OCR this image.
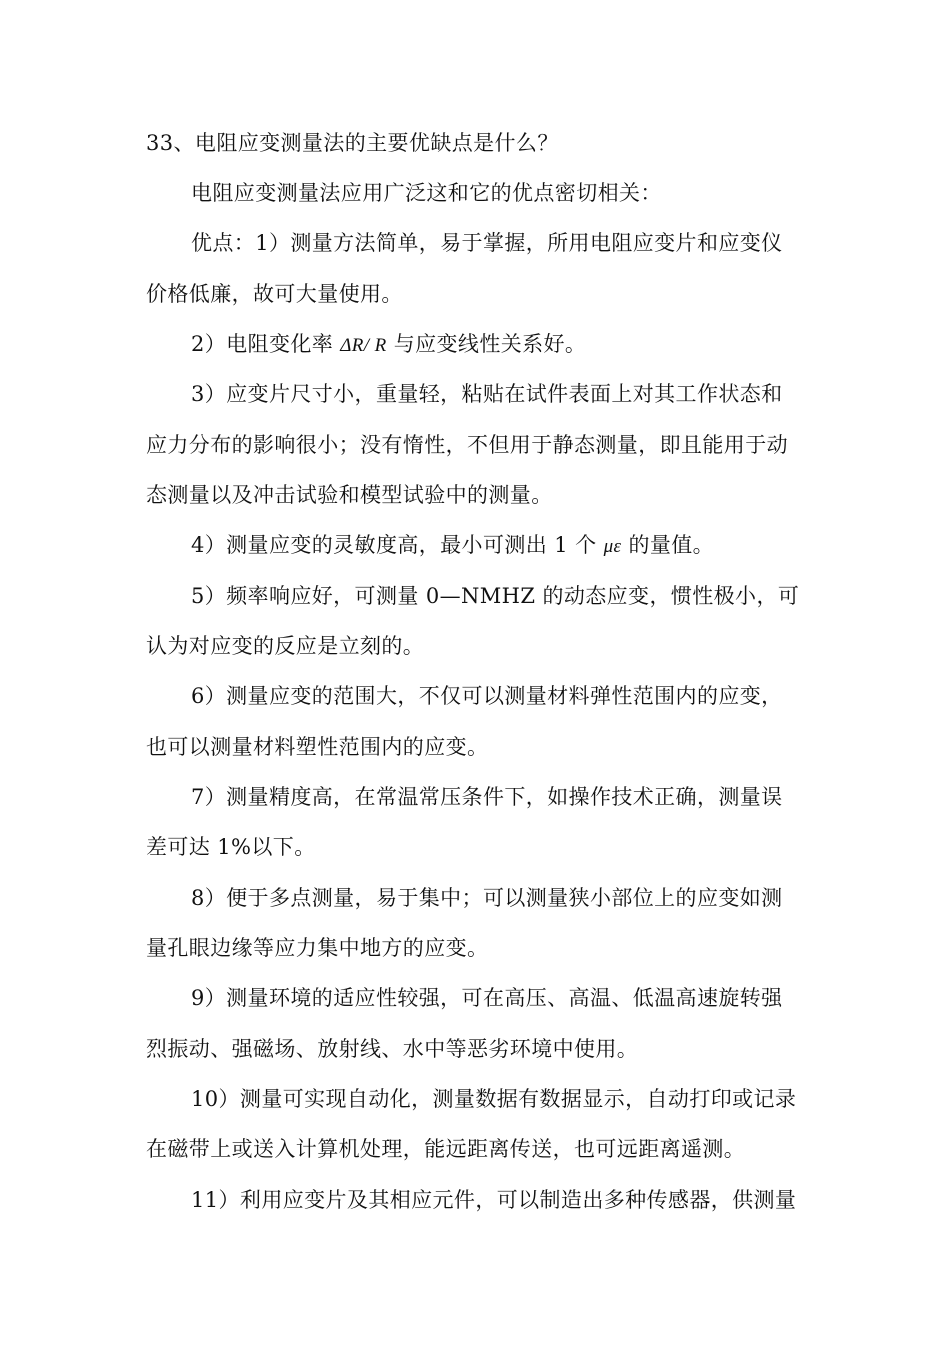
33、电阻应变测量法的主要优缺点是什么？
电阻应变测量法应用广泛这和它的优点密切相关：
优点：1）测量方法简单，易于掌握，所用电阻应变片和应变仪
价格低廉，故可大量使用。
2）电阻变化率 ΔR/ R 与应变线性关系好。
3）应变片尺寸小，重量轻，粘贴在试件表面上对其工作状态和
应力分布的影响很小；没有惰性，不但用于静态测量，即且能用于动
态测量以及冲击试验和模型试验中的测量。
4）测量应变的灵敏度高，最小可测出 1 个 με 的量值。
5）频率响应好，可测量 0—NMHZ 的动态应变，惯性极小，可
认为对应变的反应是立刻的。
6）测量应变的范围大，不仅可以测量材料弹性范围内的应变，
也可以测量材料塑性范围内的应变。
7）测量精度高，在常温常压条件下，如操作技术正确，测量误
差可达 1%以下。
8）便于多点测量，易于集中；可以测量狭小部位上的应变如测
量孔眼边缘等应力集中地方的应变。
9）测量环境的适应性较强，可在高压、高温、低温高速旋转强
烈振动、强磁场、放射线、水中等恶劣环境中使用。
10）测量可实现自动化，测量数据有数据显示，自动打印或记录
在磁带上或送入计算机处理，能远距离传送，也可远距离遥测。
11）利用应变片及其相应元件，可以制造出多种传感器，供测量
